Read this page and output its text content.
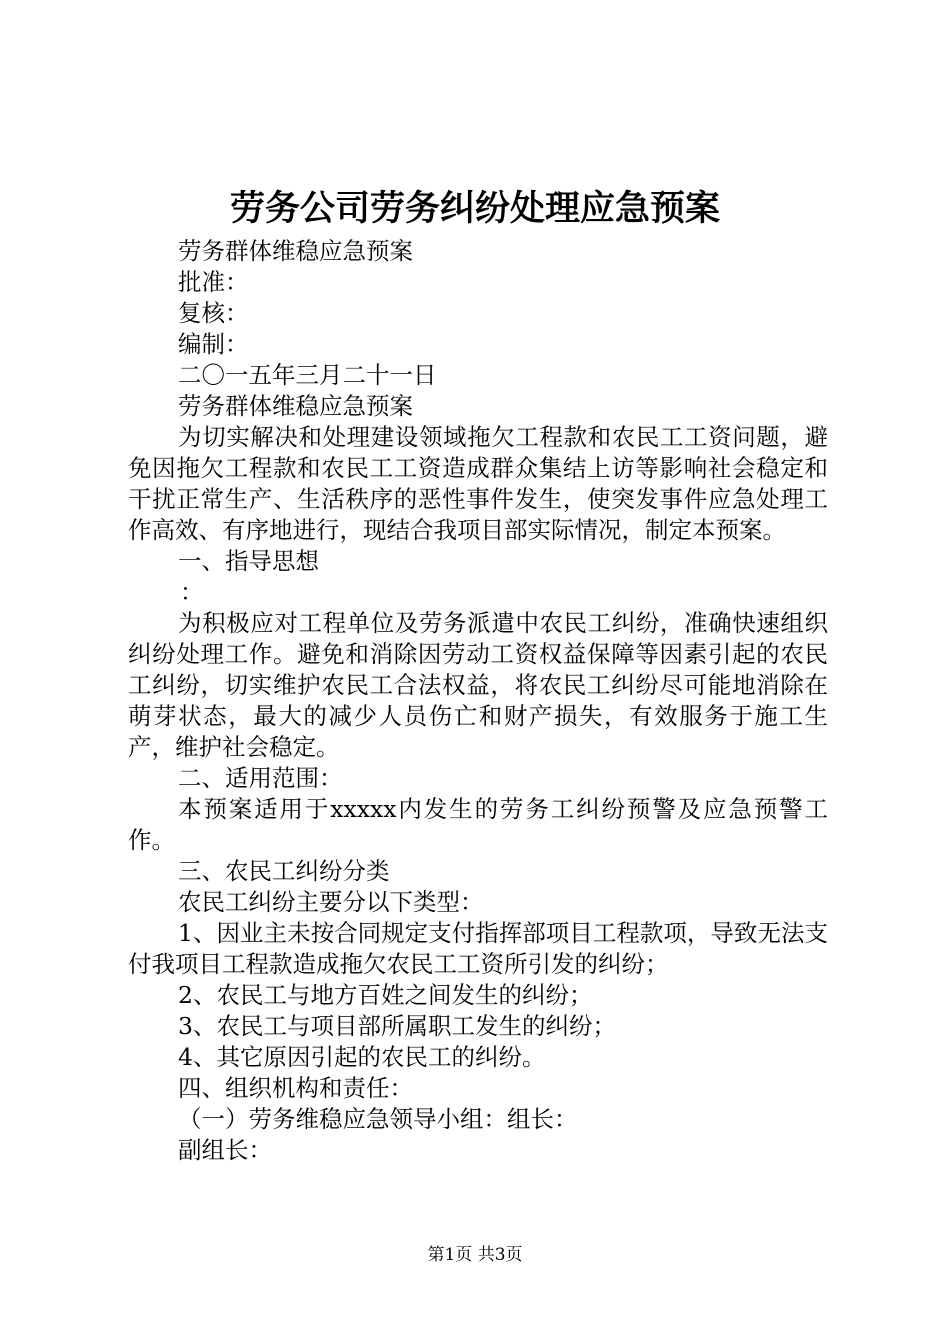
劳务公司劳务纠纷处理应急预案

劳务群体维稳应急预案

批准：

复核：

编制：

二〇一五年三月二十一日

劳务群体维稳应急预案

为切实解决和处理建设领域拖欠工程款和农民工工资问题，避免因拖欠工程款和农民工工资造成群众集结上访等影响社会稳定和干扰正常生产、生活秩序的恶性事件发生，使突发事件应急处理工作高效、有序地进行，现结合我项目部实际情况，制定本预案。

一、指导思想

：

为积极应对工程单位及劳务派遣中农民工纠纷，准确快速组织纠纷处理工作。避免和消除因劳动工资权益保障等因素引起的农民工纠纷，切实维护农民工合法权益，将农民工纠纷尽可能地消除在萌芽状态，最大的减少人员伤亡和财产损失，有效服务于施工生产，维护社会稳定。

二、适用范围：

本预案适用于xxxxx内发生的劳务工纠纷预警及应急预警工作。

三、农民工纠纷分类

农民工纠纷主要分以下类型：

1、因业主未按合同规定支付指挥部项目工程款项，导致无法支付我项目工程款造成拖欠农民工工资所引发的纠纷；

2、农民工与地方百姓之间发生的纠纷；

3、农民工与项目部所属职工发生的纠纷；

4、其它原因引起的农民工的纠纷。

四、组织机构和责任：

（一）劳务维稳应急领导小组：组长：

副组长：

第1页 共3页
